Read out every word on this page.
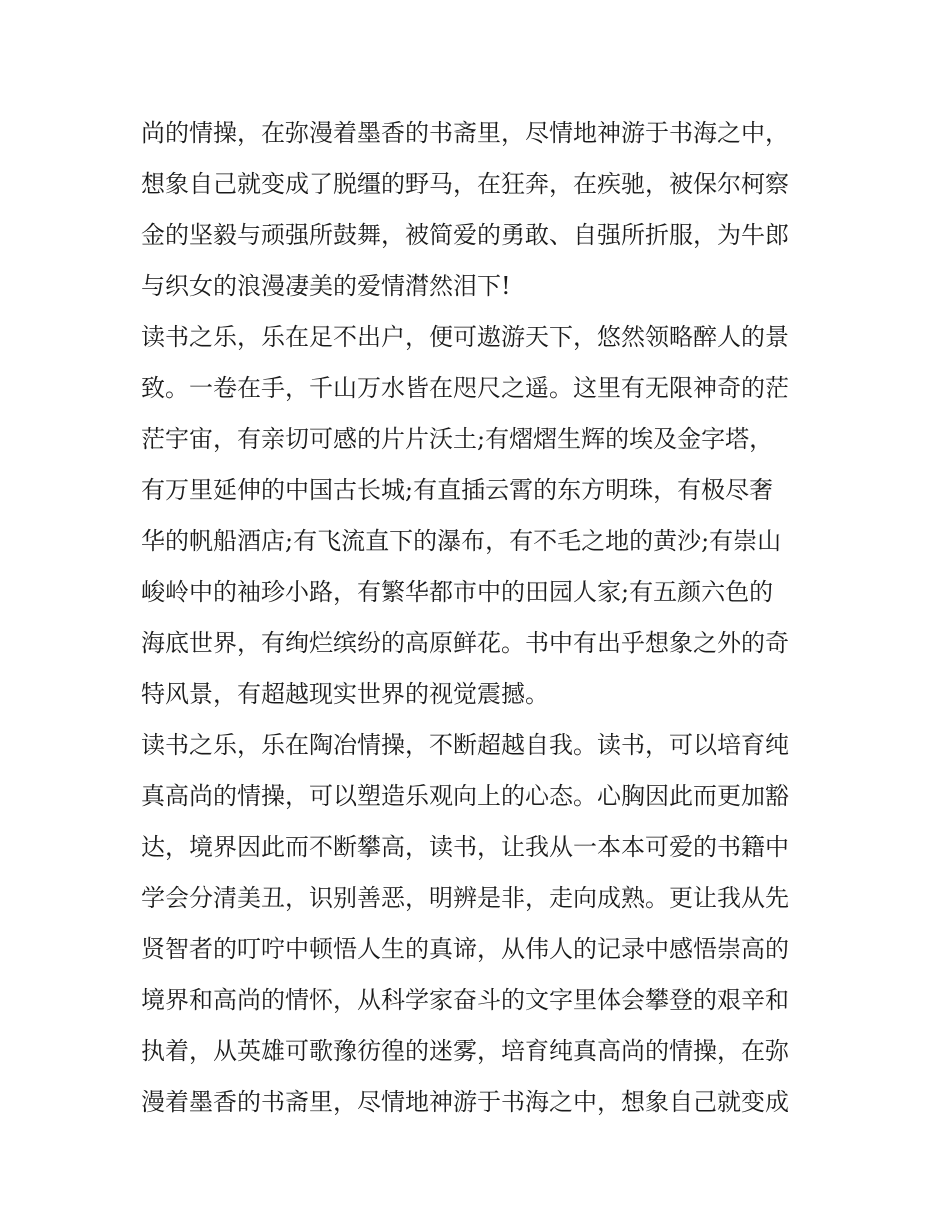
尚的情操，在弥漫着墨香的书斋里，尽情地神游于书海之中，
想象自己就变成了脱缰的野马，在狂奔，在疾驰，被保尔柯察
金的坚毅与顽强所鼓舞，被简爱的勇敢、自强所折服，为牛郎
与织女的浪漫凄美的爱情潸然泪下!
读书之乐，乐在足不出户，便可遨游天下，悠然领略醉人的景
致。一卷在手，千山万水皆在咫尺之遥。这里有无限神奇的茫
茫宇宙，有亲切可感的片片沃土;有熠熠生辉的埃及金字塔，
有万里延伸的中国古长城;有直插云霄的东方明珠，有极尽奢
华的帆船酒店;有飞流直下的瀑布，有不毛之地的黄沙;有崇山
峻岭中的袖珍小路，有繁华都市中的田园人家;有五颜六色的
海底世界，有绚烂缤纷的高原鲜花。书中有出乎想象之外的奇
特风景，有超越现实世界的视觉震撼。
读书之乐，乐在陶冶情操，不断超越自我。读书，可以培育纯
真高尚的情操，可以塑造乐观向上的心态。心胸因此而更加豁
达，境界因此而不断攀高，读书，让我从一本本可爱的书籍中
学会分清美丑，识别善恶，明辨是非，走向成熟。更让我从先
贤智者的叮咛中顿悟人生的真谛，从伟人的记录中感悟崇高的
境界和高尚的情怀，从科学家奋斗的文字里体会攀登的艰辛和
执着，从英雄可歌豫彷徨的迷雾，培育纯真高尚的情操，在弥
漫着墨香的书斋里，尽情地神游于书海之中，想象自己就变成
